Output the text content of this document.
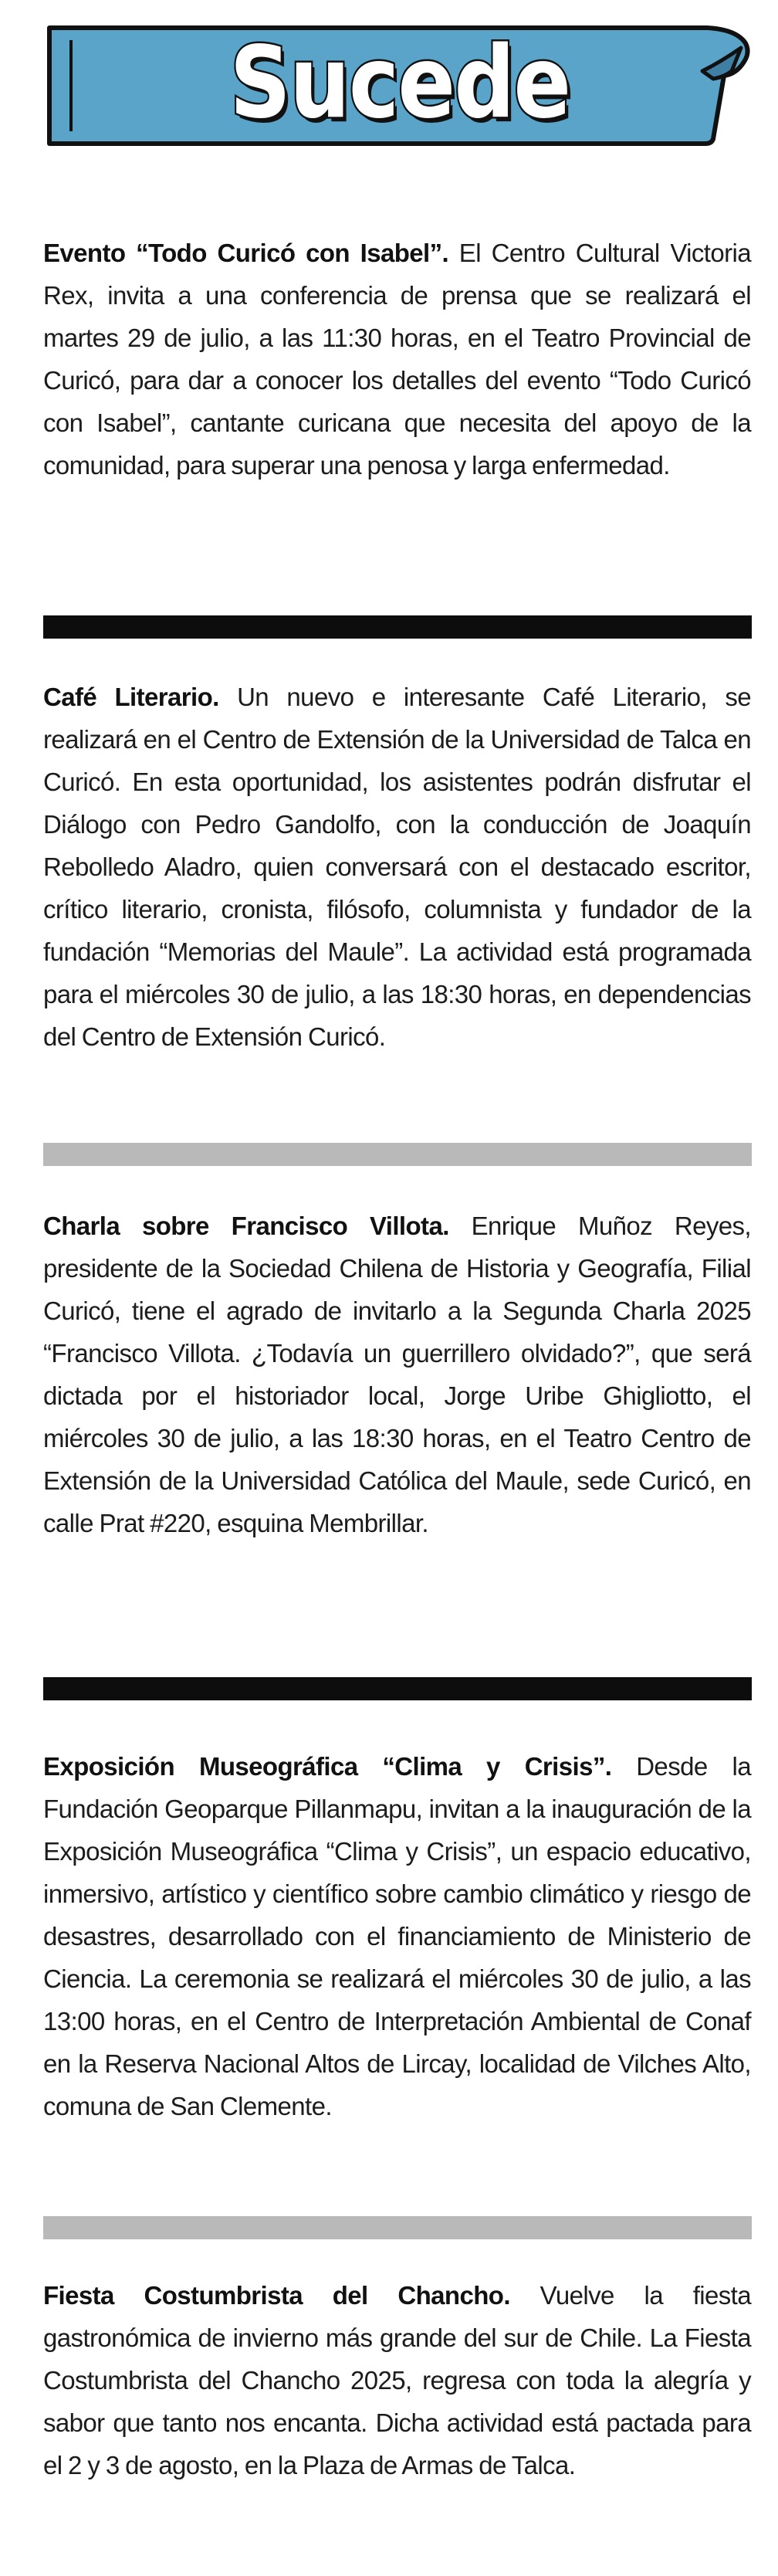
Sucede

Evento “Todo Curicó con Isabel”. El Centro Cultural Victoria Rex, invita a una conferencia de prensa que se realizará el martes 29 de julio, a las 11:30 horas, en el Teatro Provincial de Curicó, para dar a conocer los detalles del evento “Todo Curicó con Isabel”, cantante curicana que necesita del apoyo de la comunidad, para superar una penosa y larga enfermedad.

Café Literario. Un nuevo e interesante Café Literario, se realizará en el Centro de Extensión de la Universidad de Talca en Curicó. En esta oportunidad, los asistentes podrán disfrutar el Diálogo con Pedro Gandolfo, con la conducción de Joaquín Rebolledo Aladro, quien conversará con el destacado escritor, crítico literario, cronista, filósofo, columnista y fundador de la fundación “Memorias del Maule”. La actividad está programada para el miércoles 30 de julio, a las 18:30 horas, en dependencias del Centro de Extensión Curicó.

Charla sobre Francisco Villota. Enrique Muñoz Reyes, presidente de la Sociedad Chilena de Historia y Geografía, Filial Curicó, tiene el agrado de invitarlo a la Segunda Charla 2025 “Francisco Villota. ¿Todavía un guerrillero olvidado?”, que será dictada por el historiador local, Jorge Uribe Ghigliotto, el miércoles 30 de julio, a las 18:30 horas, en el Teatro Centro de Extensión de la Universidad Católica del Maule, sede Curicó, en calle Prat #220, esquina Membrillar.

Exposición Museográfica “Clima y Crisis”. Desde la Fundación Geoparque Pillanmapu, invitan a la inauguración de la Exposición Museográfica “Clima y Crisis”, un espacio educativo, inmersivo, artístico y científico sobre cambio climático y riesgo de desastres, desarrollado con el financiamiento de Ministerio de Ciencia. La ceremonia se realizará el miércoles 30 de julio, a las 13:00 horas, en el Centro de Interpretación Ambiental de Conaf en la Reserva Nacional Altos de Lircay, localidad de Vilches Alto, comuna de San Clemente.

Fiesta Costumbrista del Chancho. Vuelve la fiesta gastronómica de invierno más grande del sur de Chile. La Fiesta Costumbrista del Chancho 2025, regresa con toda la alegría y sabor que tanto nos encanta. Dicha actividad está pactada para el 2 y 3 de agosto, en la Plaza de Armas de Talca.
